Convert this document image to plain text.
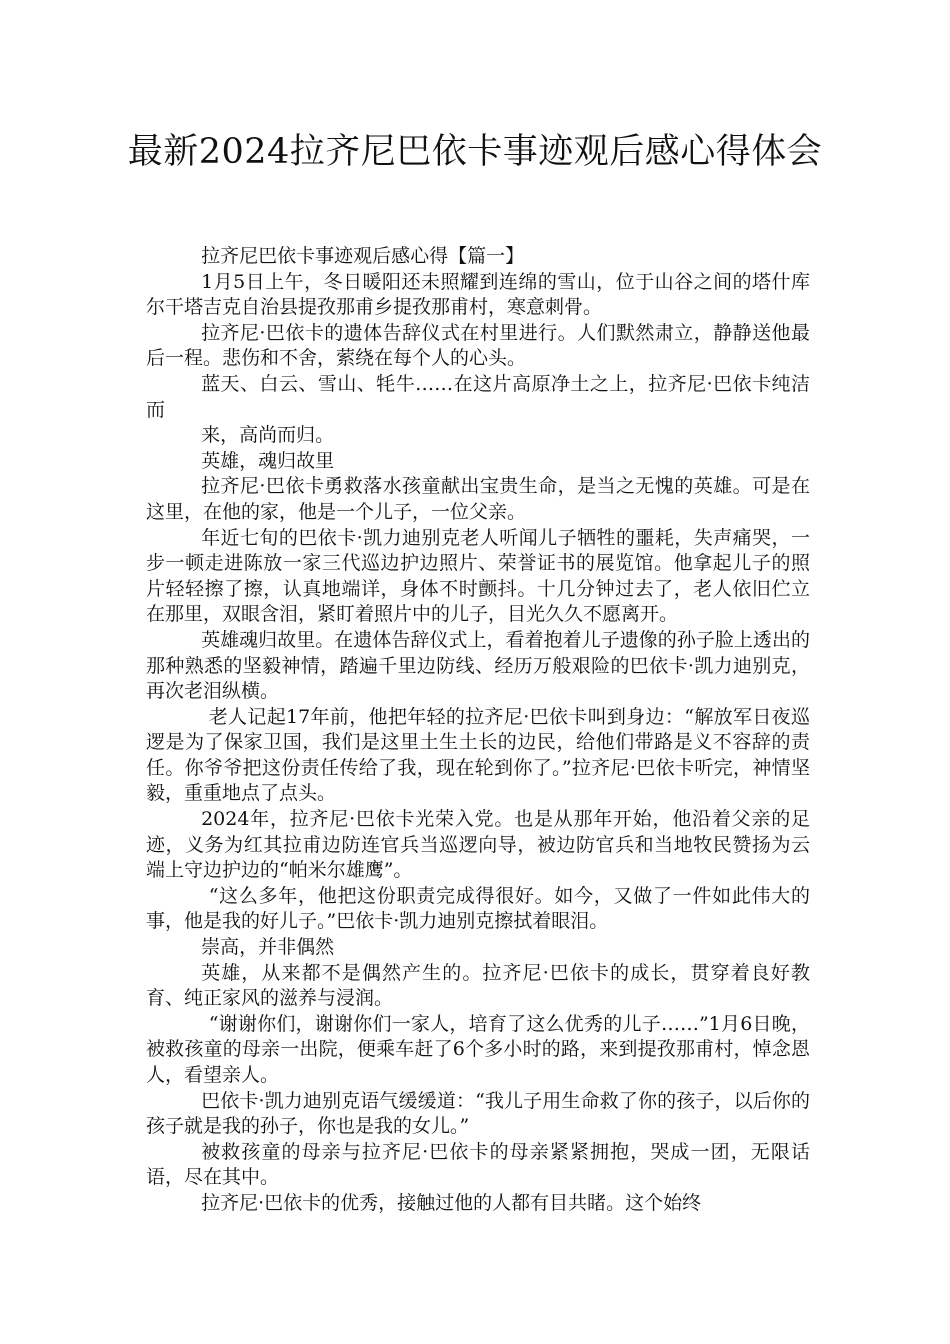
最新2024拉齐尼巴依卡事迹观后感心得体会

拉齐尼巴依卡事迹观后感心得【篇一】

1月5日上午，冬日暖阳还未照耀到连绵的雪山，位于山谷之间的塔什库尔干塔吉克自治县提孜那甫乡提孜那甫村，寒意刺骨。

拉齐尼·巴依卡的遗体告辞仪式在村里进行。人们默然肃立，静静送他最后一程。悲伤和不舍，萦绕在每个人的心头。

蓝天、白云、雪山、牦牛……在这片高原净土之上，拉齐尼·巴依卡纯洁而

来，高尚而归。

英雄，魂归故里

拉齐尼·巴依卡勇救落水孩童献出宝贵生命，是当之无愧的英雄。可是在这里，在他的家，他是一个儿子，一位父亲。

年近七旬的巴依卡·凯力迪别克老人听闻儿子牺牲的噩耗，失声痛哭，一步一顿走进陈放一家三代巡边护边照片、荣誉证书的展览馆。他拿起儿子的照片轻轻擦了擦，认真地端详，身体不时颤抖。十几分钟过去了，老人依旧伫立在那里，双眼含泪，紧盯着照片中的儿子，目光久久不愿离开。

英雄魂归故里。在遗体告辞仪式上，看着抱着儿子遗像的孙子脸上透出的那种熟悉的坚毅神情，踏遍千里边防线、经历万般艰险的巴依卡·凯力迪别克，再次老泪纵横。

老人记起17年前，他把年轻的拉齐尼·巴依卡叫到身边：“解放军日夜巡逻是为了保家卫国，我们是这里土生土长的边民，给他们带路是义不容辞的责任。你爷爷把这份责任传给了我，现在轮到你了。”拉齐尼·巴依卡听完，神情坚毅，重重地点了点头。

2024年，拉齐尼·巴依卡光荣入党。也是从那年开始，他沿着父亲的足迹，义务为红其拉甫边防连官兵当巡逻向导，被边防官兵和当地牧民赞扬为云端上守边护边的“帕米尔雄鹰”。

“这么多年，他把这份职责完成得很好。如今，又做了一件如此伟大的事，他是我的好儿子。”巴依卡·凯力迪别克擦拭着眼泪。

崇高，并非偶然

英雄，从来都不是偶然产生的。拉齐尼·巴依卡的成长，贯穿着良好教育、纯正家风的滋养与浸润。

“谢谢你们，谢谢你们一家人，培育了这么优秀的儿子……”1月6日晚，被救孩童的母亲一出院，便乘车赶了6个多小时的路，来到提孜那甫村，悼念恩人，看望亲人。

巴依卡·凯力迪别克语气缓缓道：“我儿子用生命救了你的孩子，以后你的孩子就是我的孙子，你也是我的女儿。”

被救孩童的母亲与拉齐尼·巴依卡的母亲紧紧拥抱，哭成一团，无限话语，尽在其中。

拉齐尼·巴依卡的优秀，接触过他的人都有目共睹。这个始终
